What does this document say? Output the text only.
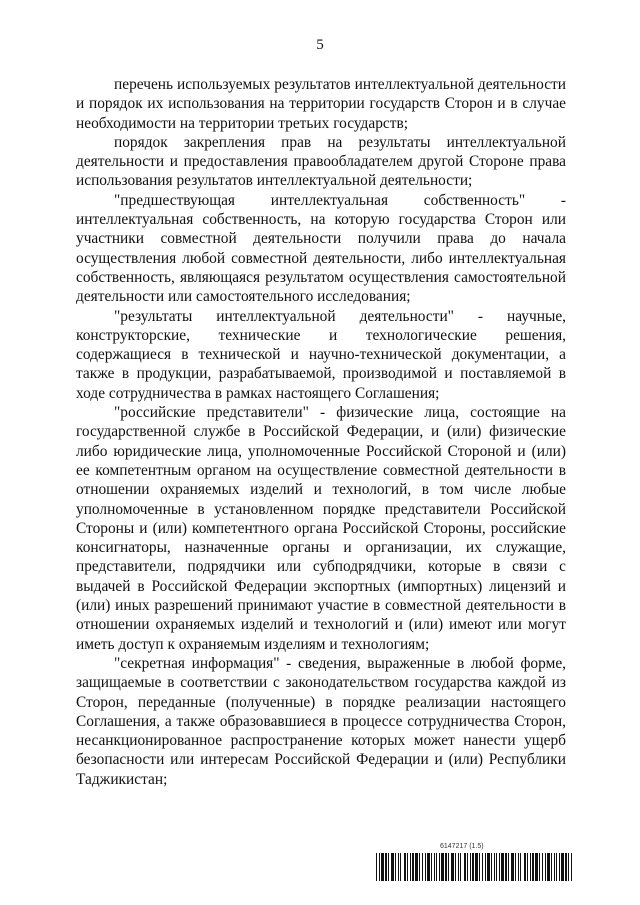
5

перечень используемых результатов интеллектуальной деятельности и порядок их использования на территории государств Сторон и в случае необходимости на территории третьих государств;

порядок закрепления прав на результаты интеллектуальной деятельности и предоставления правообладателем другой Стороне права использования результатов интеллектуальной деятельности;

"предшествующая интеллектуальная собственность" - интеллектуальная собственность, на которую государства Сторон или участники совместной деятельности получили права до начала осуществления любой совместной деятельности, либо интеллектуальная собственность, являющаяся результатом осуществления самостоятельной деятельности или самостоятельного исследования;

"результаты интеллектуальной деятельности" - научные, конструкторские, технические и технологические решения, содержащиеся в технической и научно-технической документации, а также в продукции, разрабатываемой, производимой и поставляемой в ходе сотрудничества в рамках настоящего Соглашения;

"российские представители" - физические лица, состоящие на государственной службе в Российской Федерации, и (или) физические либо юридические лица, уполномоченные Российской Стороной и (или) ее компетентным органом на осуществление совместной деятельности в отношении охраняемых изделий и технологий, в том числе любые уполномоченные в установленном порядке представители Российской Стороны и (или) компетентного органа Российской Стороны, российские консигнаторы, назначенные органы и организации, их служащие, представители, подрядчики или субподрядчики, которые в связи с выдачей в Российской Федерации экспортных (импортных) лицензий и (или) иных разрешений принимают участие в совместной деятельности в отношении охраняемых изделий и технологий и (или) имеют или могут иметь доступ к охраняемым изделиям и технологиям;

"секретная информация" - сведения, выраженные в любой форме, защищаемые в соответствии с законодательством государства каждой из Сторон, переданные (полученные) в порядке реализации настоящего Соглашения, а также образовавшиеся в процессе сотрудничества Сторон, несанкционированное распространение которых может нанести ущерб безопасности или интересам Российской Федерации и (или) Республики Таджикистан;

6147217 (1.5)
